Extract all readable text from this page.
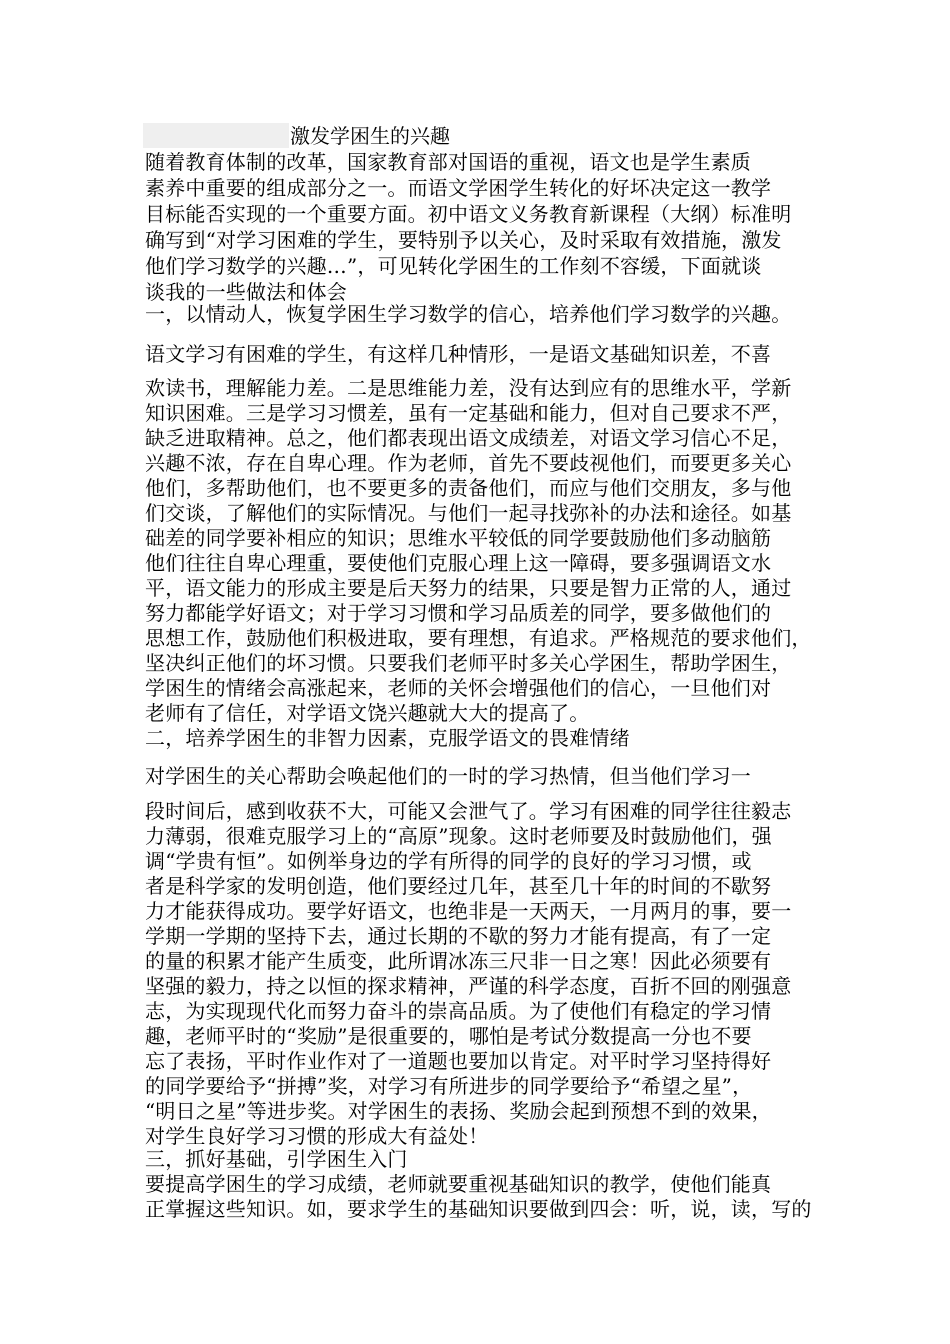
激发学困生的兴趣
随着教育体制的改革，国家教育部对国语的重视，语文也是学生素质
素养中重要的组成部分之一。而语文学困学生转化的好坏决定这一教学
目标能否实现的一个重要方面。初中语文义务教育新课程（大纲）标准明
确写到“对学习困难的学生，要特别予以关心，及时采取有效措施，激发
他们学习数学的兴趣…”，可见转化学困生的工作刻不容缓，下面就谈
谈我的一些做法和体会
一，以情动人，恢复学困生学习数学的信心，培养他们学习数学的兴趣。
语文学习有困难的学生，有这样几种情形，一是语文基础知识差，不喜
欢读书，理解能力差。二是思维能力差，没有达到应有的思维水平，学新
知识困难。三是学习习惯差，虽有一定基础和能力，但对自己要求不严，
缺乏进取精神。总之，他们都表现出语文成绩差，对语文学习信心不足，
兴趣不浓，存在自卑心理。作为老师，首先不要歧视他们，而要更多关心
他们，多帮助他们，也不要更多的责备他们，而应与他们交朋友，多与他
们交谈，了解他们的实际情况。与他们一起寻找弥补的办法和途径。如基
础差的同学要补相应的知识；思维水平较低的同学要鼓励他们多动脑筋
他们往往自卑心理重，要使他们克服心理上这一障碍，要多强调语文水
平，语文能力的形成主要是后天努力的结果，只要是智力正常的人，通过
努力都能学好语文；对于学习习惯和学习品质差的同学，要多做他们的
思想工作，鼓励他们积极进取，要有理想，有追求。严格规范的要求他们，
坚决纠正他们的坏习惯。只要我们老师平时多关心学困生，帮助学困生，
学困生的情绪会高涨起来，老师的关怀会增强他们的信心，一旦他们对
老师有了信任，对学语文饶兴趣就大大的提高了。
二，培养学困生的非智力因素，克服学语文的畏难情绪
对学困生的关心帮助会唤起他们的一时的学习热情，但当他们学习一
段时间后，感到收获不大，可能又会泄气了。学习有困难的同学往往毅志
力薄弱，很难克服学习上的“高原”现象。这时老师要及时鼓励他们，强
调“学贵有恒”。如例举身边的学有所得的同学的良好的学习习惯，或
者是科学家的发明创造，他们要经过几年，甚至几十年的时间的不歇努
力才能获得成功。要学好语文，也绝非是一天两天，一月两月的事，要一
学期一学期的坚持下去，通过长期的不歇的努力才能有提高，有了一定
的量的积累才能产生质变，此所谓冰冻三尺非一日之寒！因此必须要有
坚强的毅力，持之以恒的探求精神，严谨的科学态度，百折不回的刚强意
志，为实现现代化而努力奋斗的崇高品质。为了使他们有稳定的学习情
趣，老师平时的“奖励”是很重要的，哪怕是考试分数提高一分也不要
忘了表扬，平时作业作对了一道题也要加以肯定。对平时学习坚持得好
的同学要给予“拼搏”奖，对学习有所进步的同学要给予“希望之星”，
“明日之星”等进步奖。对学困生的表扬、奖励会起到预想不到的效果，
对学生良好学习习惯的形成大有益处！
三，抓好基础，引学困生入门
要提高学困生的学习成绩，老师就要重视基础知识的教学，使他们能真
正掌握这些知识。如，要求学生的基础知识要做到四会：听，说，读，写的
